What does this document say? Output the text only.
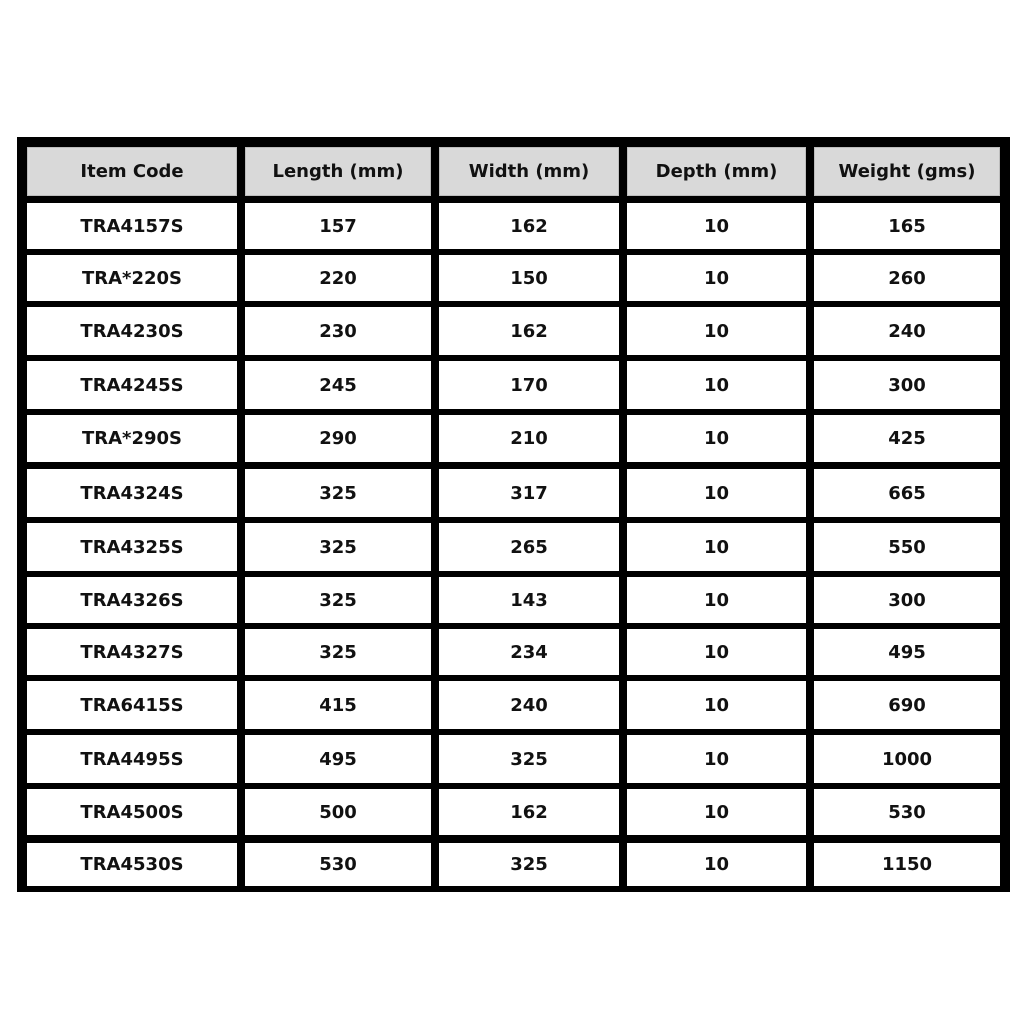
Item Code	Length (mm)	Width (mm)	Depth (mm)	Weight (gms)
TRA4157S	157	162	10	165
TRA*220S	220	150	10	260
TRA4230S	230	162	10	240
TRA4245S	245	170	10	300
TRA*290S	290	210	10	425
TRA4324S	325	317	10	665
TRA4325S	325	265	10	550
TRA4326S	325	143	10	300
TRA4327S	325	234	10	495
TRA6415S	415	240	10	690
TRA4495S	495	325	10	1000
TRA4500S	500	162	10	530
TRA4530S	530	325	10	1150
